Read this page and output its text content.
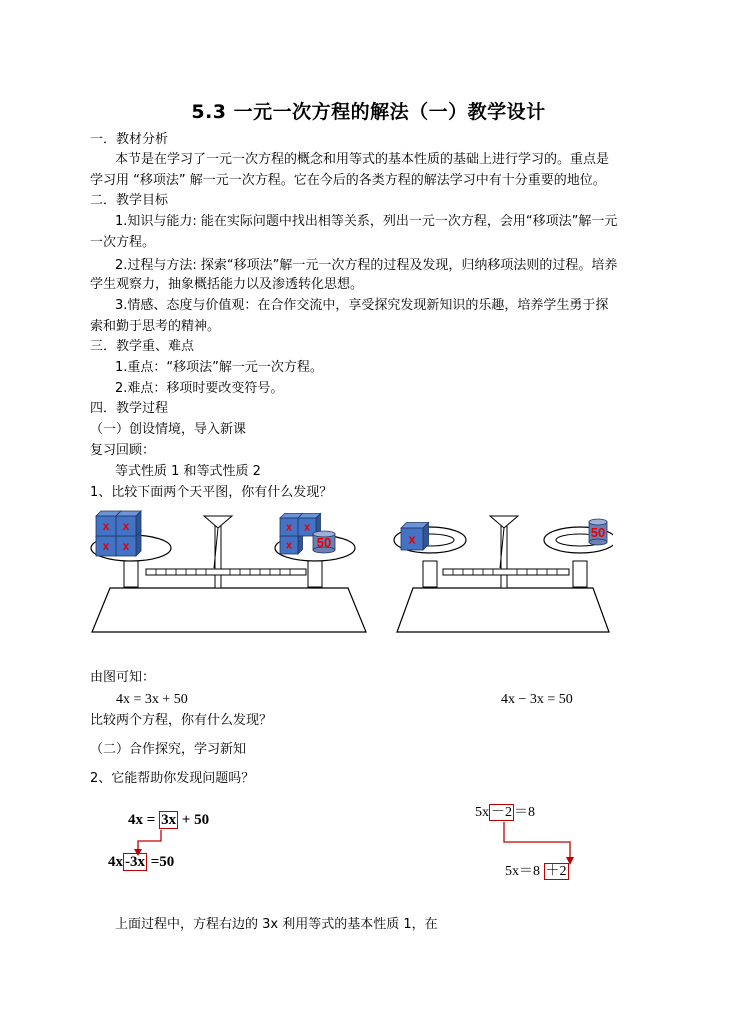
5.3 一元一次方程的解法（一）教学设计
一．教材分析
本节是在学习了一元一次方程的概念和用等式的基本性质的基础上进行学习的。重点是
学习用 “移项法” 解一元一次方程。它在今后的各类方程的解法学习中有十分重要的地位。
二．教学目标
1.知识与能力: 能在实际问题中找出相等关系，列出一元一次方程，会用“移项法”解一元
一次方程。
2.过程与方法: 探索“移项法”解一元一次方程的过程及发现，归纳移项法则的过程。培养
学生观察力，抽象概括能力以及渗透转化思想。
3.情感、态度与价值观：在合作交流中，享受探究发现新知识的乐趣，培养学生勇于探
索和勤于思考的精神。
三．教学重、难点
1.重点：“移项法”解一元一次方程。
2.难点：移项时要改变符号。
四．教学过程
（一）创设情境，导入新课
复习回顾：
等式性质 1 和等式性质 2
1、比较下面两个天平图，你有什么发现？
x x
x x
x
x x
50	x	50
由图可知：
4x = 3x + 50	4x − 3x = 50
比较两个方程，你有什么发现？
（二）合作探究，学习新知
2、它能帮助你发现问题吗？
4x = 3x + 50
4x -3x =50
5x －2 ＝8
5x＝8 ＋2
上面过程中，方程右边的 3x 利用等式的基本性质 1，在
